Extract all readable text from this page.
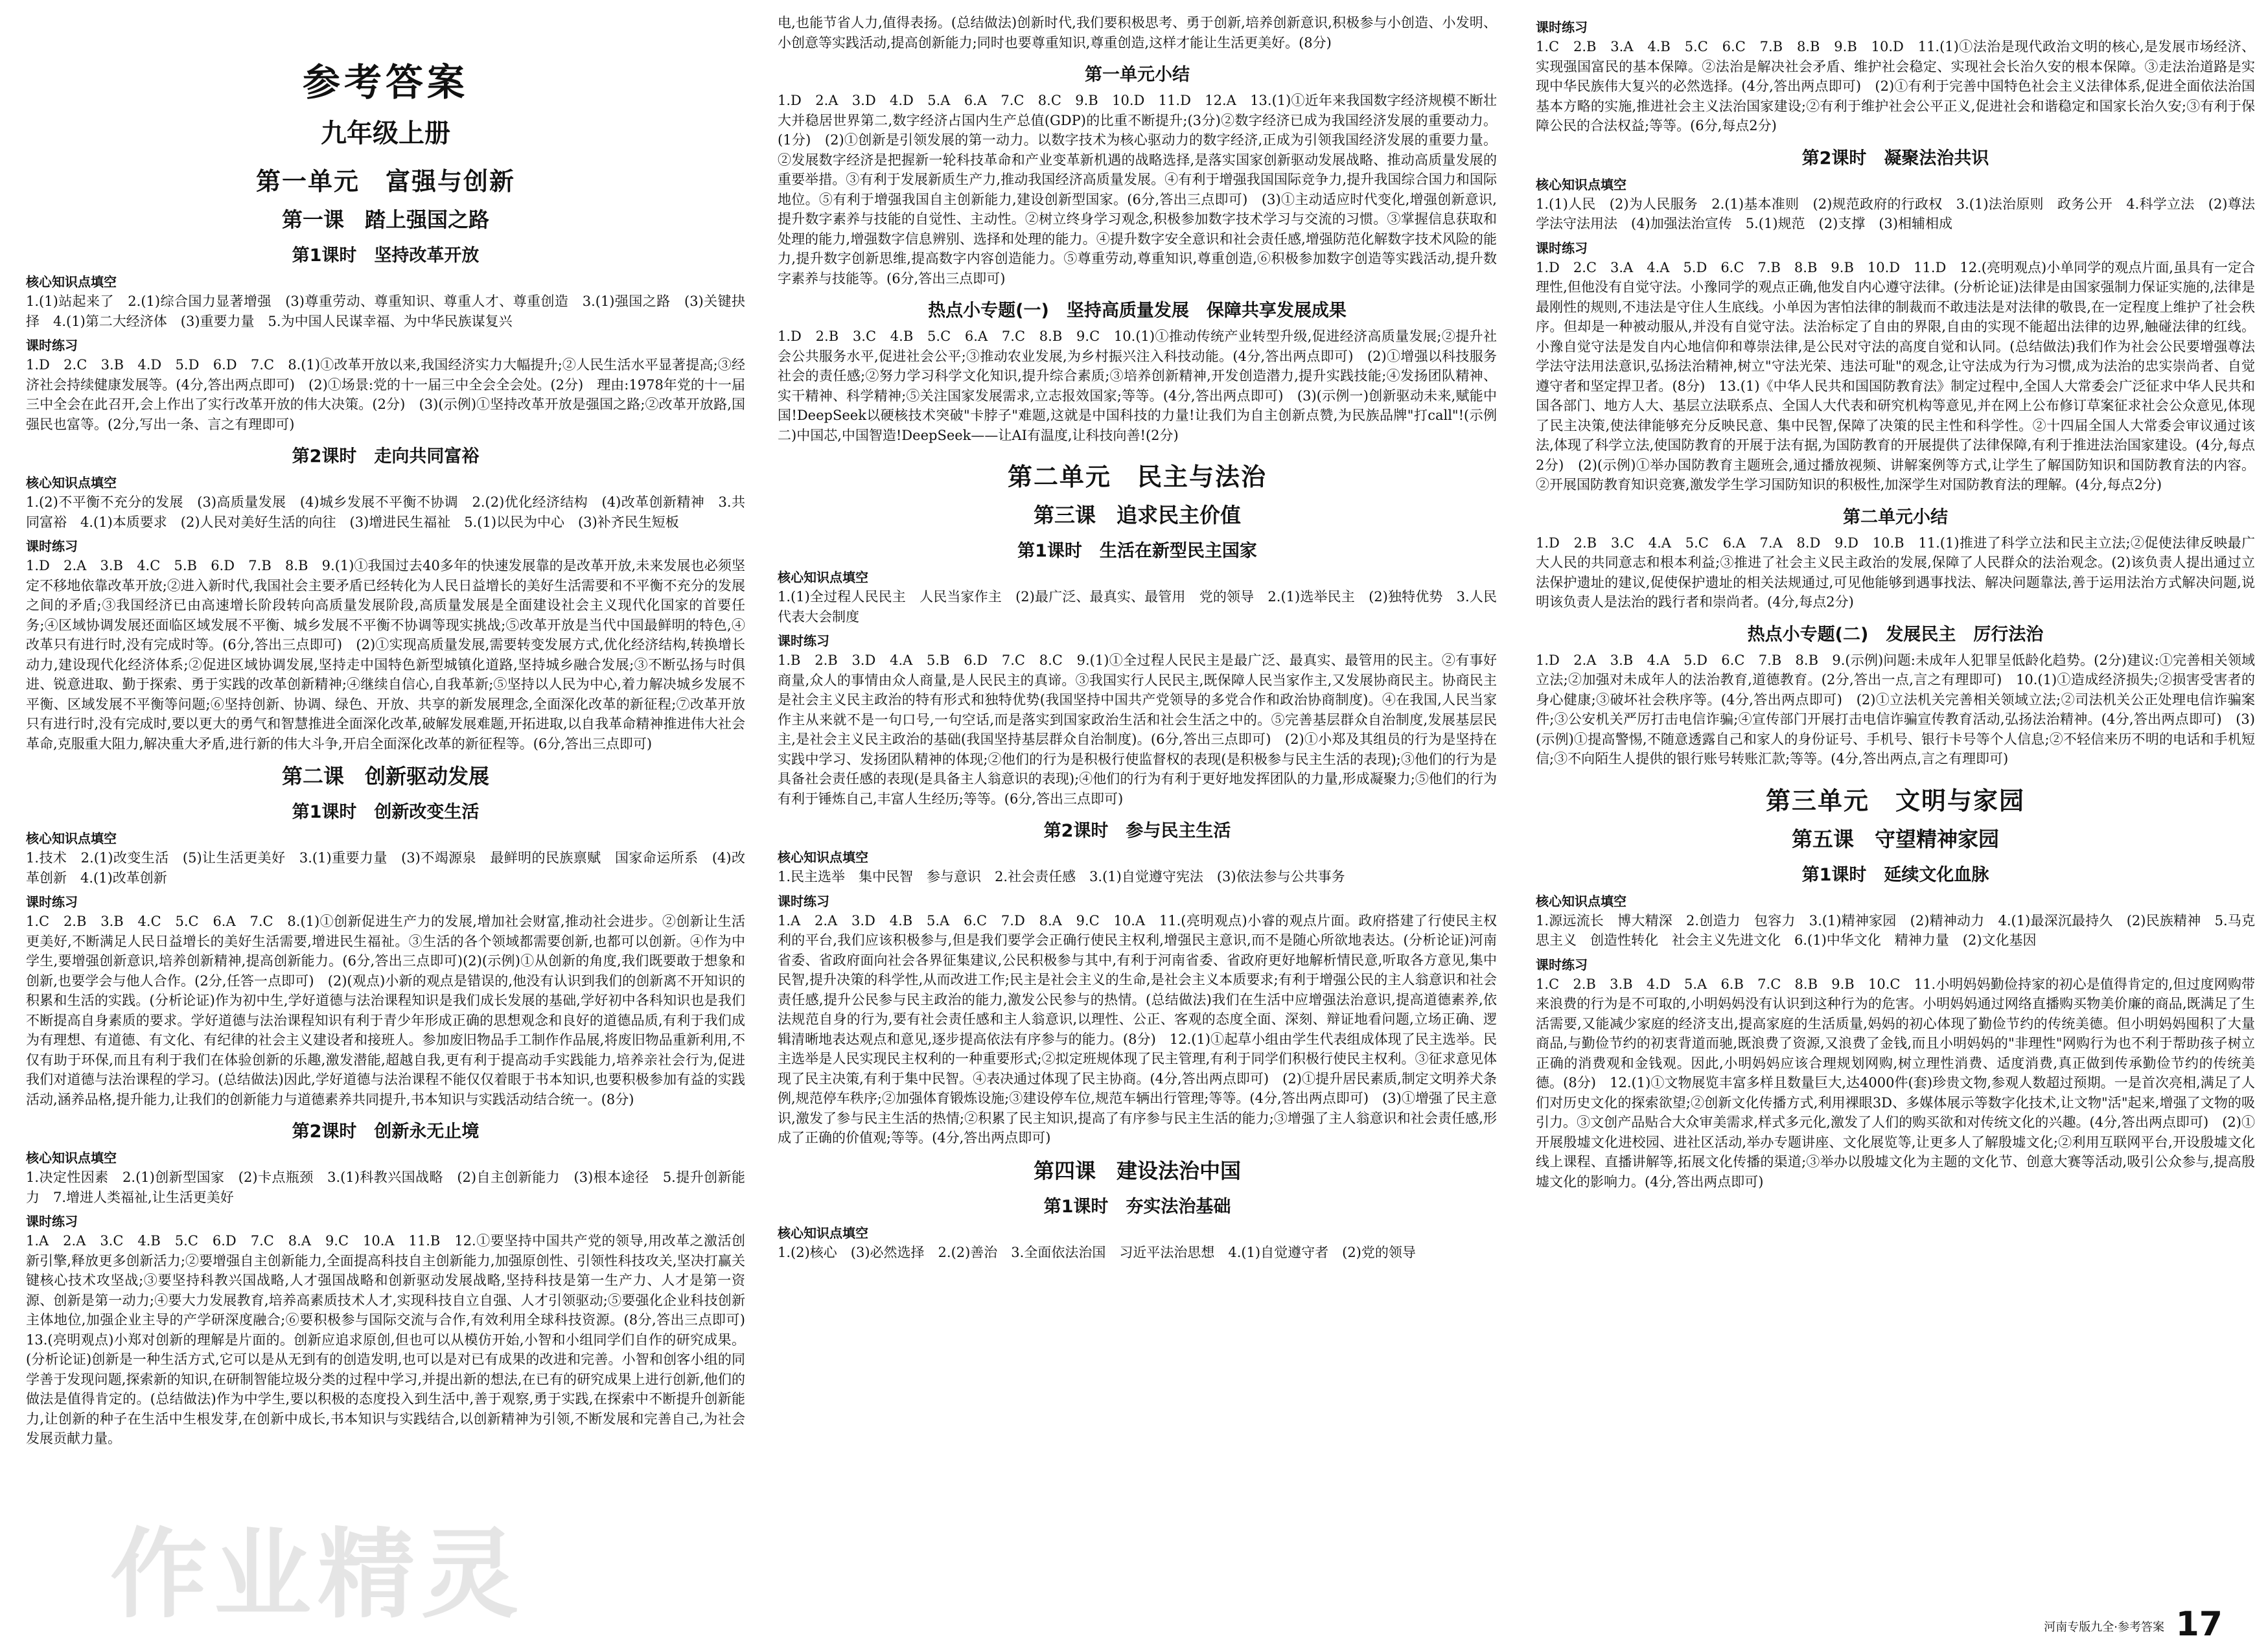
参考答案
九年级上册
第一单元　富强与创新
第一课　踏上强国之路
第1课时　坚持改革开放
核心知识点填空
1.(1)站起来了　2.(1)综合国力显著增强　(3)尊重劳动、尊重知识、尊重人才、尊重创造　3.(1)强国之路　(3)关键抉择　4.(1)第二大经济体　(3)重要力量　5.为中国人民谋幸福、为中华民族谋复兴
课时练习
1.D　2.C　3.B　4.D　5.D　6.D　7.C　8.(1)①改革开放以来,我国经济实力大幅提升;②人民生活水平显著提高;③经济社会持续健康发展等。(4分,答出两点即可)　(2)①场景:党的十一届三中全会全会处。(2分)　理由:1978年党的十一届三中全会在此召开,会上作出了实行改革开放的伟大决策。(2分)　(3)(示例)①坚持改革开放是强国之路;②改革开放路,国强民也富等。(2分,写出一条、言之有理即可)
第2课时　走向共同富裕
核心知识点填空
1.(2)不平衡不充分的发展　(3)高质量发展　(4)城乡发展不平衡不协调　2.(2)优化经济结构　(4)改革创新精神　3.共同富裕　4.(1)本质要求　(2)人民对美好生活的向往　(3)增进民生福祉　5.(1)以民为中心　(3)补齐民生短板
课时练习
1.D　2.A　3.B　4.C　5.B　6.D　7.B　8.B　9.(1)①我国过去40多年的快速发展靠的是改革开放,未来发展也必须坚定不移地依靠改革开放;②进入新时代,我国社会主要矛盾已经转化为人民日益增长的美好生活需要和不平衡不充分的发展之间的矛盾;③我国经济已由高速增长阶段转向高质量发展阶段,高质量发展是全面建设社会主义现代化国家的首要任务;④区域协调发展还面临区域发展不平衡、城乡发展不平衡不协调等现实挑战;⑤改革开放是当代中国最鲜明的特色,④改革只有进行时,没有完成时等。(6分,答出三点即可)　(2)①实现高质量发展,需要转变发展方式,优化经济结构,转换增长动力,建设现代化经济体系;②促进区域协调发展,坚持走中国特色新型城镇化道路,坚持城乡融合发展;③不断弘扬与时俱进、锐意进取、勤于探索、勇于实践的改革创新精神;④继续自信心,自我革新;⑤坚持以人民为中心,着力解决城乡发展不平衡、区域发展不平衡等问题;⑥坚持创新、协调、绿色、开放、共享的新发展理念,全面深化改革的新征程;⑦改革开放只有进行时,没有完成时,要以更大的勇气和智慧推进全面深化改革,破解发展难题,开拓进取,以自我革命精神推进伟大社会革命,克服重大阻力,解决重大矛盾,进行新的伟大斗争,开启全面深化改革的新征程等。(6分,答出三点即可)
第二课　创新驱动发展
第1课时　创新改变生活
核心知识点填空
1.技术　2.(1)改变生活　(5)让生活更美好　3.(1)重要力量　(3)不竭源泉　最鲜明的民族禀赋　国家命运所系　(4)改革创新　4.(1)改革创新
课时练习
1.C　2.B　3.B　4.C　5.C　6.A　7.C　8.(1)①创新促进生产力的发展,增加社会财富,推动社会进步。②创新让生活更美好,不断满足人民日益增长的美好生活需要,增进民生福祉。③生活的各个领域都需要创新,也都可以创新。④作为中学生,要增强创新意识,培养创新精神,提高创新能力。(6分,答出三点即可)(2)(示例)①从创新的角度,我们既要敢于想象和创新,也要学会与他人合作。(2分,任答一点即可)　(2)(观点)小新的观点是错误的,他没有认识到我们的创新离不开知识的积累和生活的实践。(分析论证)作为初中生,学好道德与法治课程知识是我们成长发展的基础,学好初中各科知识也是我们不断提高自身素质的要求。学好道德与法治课程知识有利于青少年形成正确的思想观念和良好的道德品质,有利于我们成为有理想、有道德、有文化、有纪律的社会主义建设者和接班人。参加废旧物品手工制作作品展,将废旧物品重新利用,不仅有助于环保,而且有利于我们在体验创新的乐趣,激发潜能,超越自我,更有利于提高动手实践能力,培养亲社会行为,促进我们对道德与法治课程的学习。(总结做法)因此,学好道德与法治课程不能仅仅着眼于书本知识,也要积极参加有益的实践活动,涵养品格,提升能力,让我们的创新能力与道德素养共同提升,书本知识与实践活动结合统一。(8分)
第2课时　创新永无止境
核心知识点填空
1.决定性因素　2.(1)创新型国家　(2)卡点瓶颈　3.(1)科教兴国战略　(2)自主创新能力　(3)根本途径　5.提升创新能力　7.增进人类福祉,让生活更美好
课时练习
1.A　2.A　3.C　4.B　5.C　6.D　7.C　8.A　9.C　10.A　11.B　12.①要坚持中国共产党的领导,用改革之激活创新引擎,释放更多创新活力;②要增强自主创新能力,全面提高科技自主创新能力,加强原创性、引领性科技攻关,坚决打赢关键核心技术攻坚战;③要坚持科教兴国战略,人才强国战略和创新驱动发展战略,坚持科技是第一生产力、人才是第一资源、创新是第一动力;④要大力发展教育,培养高素质技术人才,实现科技自立自强、人才引领驱动;⑤要强化企业科技创新主体地位,加强企业主导的产学研深度融合;⑥要积极参与国际交流与合作,有效利用全球科技资源。(8分,答出三点即可)　13.(亮明观点)小郑对创新的理解是片面的。创新应追求原创,但也可以从模仿开始,小智和小组同学们自作的研究成果。(分析论证)创新是一种生活方式,它可以是从无到有的创造发明,也可以是对已有成果的改进和完善。小智和创客小组的同学善于发现问题,探索新的知识,在研制智能垃圾分类的过程中学习,并提出新的想法,在已有的研究成果上进行创新,他们的做法是值得肯定的。(总结做法)作为中学生,要以积极的态度投入到生活中,善于观察,勇于实践,在探索中不断提升创新能力,让创新的种子在生活中生根发芽,在创新中成长,书本知识与实践结合,以创新精神为引领,不断发展和完善自己,为社会发展贡献力量。
电,也能节省人力,值得表扬。(总结做法)创新时代,我们要积极思考、勇于创新,培养创新意识,积极参与小创造、小发明、小创意等实践活动,提高创新能力;同时也要尊重知识,尊重创造,这样才能让生活更美好。(8分)
第一单元小结
1.D　2.A　3.D　4.D　5.A　6.A　7.C　8.C　9.B　10.D　11.D　12.A　13.(1)①近年来我国数字经济规模不断壮大并稳居世界第二,数字经济占国内生产总值(GDP)的比重不断提升;(3分)②数字经济已成为我国经济发展的重要动力。(1分)　(2)①创新是引领发展的第一动力。以数字技术为核心驱动力的数字经济,正成为引领我国经济发展的重要力量。②发展数字经济是把握新一轮科技革命和产业变革新机遇的战略选择,是落实国家创新驱动发展战略、推动高质量发展的重要举措。③有利于发展新质生产力,推动我国经济高质量发展。④有利于增强我国国际竞争力,提升我国综合国力和国际地位。⑤有利于增强我国自主创新能力,建设创新型国家。(6分,答出三点即可)　(3)①主动适应时代变化,增强创新意识,提升数字素养与技能的自觉性、主动性。②树立终身学习观念,积极参加数字技术学习与交流的习惯。③掌握信息获取和处理的能力,增强数字信息辨别、选择和处理的能力。④提升数字安全意识和社会责任感,增强防范化解数字技术风险的能力,提升数字创新思维,提高数字内容创造能力。⑤尊重劳动,尊重知识,尊重创造,⑥积极参加数字创造等实践活动,提升数字素养与技能等。(6分,答出三点即可)
热点小专题(一)　坚持高质量发展　保障共享发展成果
1.D　2.B　3.C　4.B　5.C　6.A　7.C　8.B　9.C　10.(1)①推动传统产业转型升级,促进经济高质量发展;②提升社会公共服务水平,促进社会公平;③推动农业发展,为乡村振兴注入科技动能。(4分,答出两点即可)　(2)①增强以科技服务社会的责任感;②努力学习科学文化知识,提升综合素质;③培养创新精神,开发创造潜力,提升实践技能;④发扬团队精神、实干精神、科学精神;⑤关注国家发展需求,立志报效国家;等等。(4分,答出两点即可)　(3)(示例一)创新驱动未来,赋能中国!DeepSeek以硬核技术突破"卡脖子"难题,这就是中国科技的力量!让我们为自主创新点赞,为民族品牌"打call"!(示例二)中国芯,中国智造!DeepSeek——让AI有温度,让科技向善!(2分)
第二单元　民主与法治
第三课　追求民主价值
第1课时　生活在新型民主国家
核心知识点填空
1.(1)全过程人民民主　人民当家作主　(2)最广泛、最真实、最管用　党的领导　2.(1)选举民主　(2)独特优势　3.人民代表大会制度
课时练习
1.B　2.B　3.D　4.A　5.B　6.D　7.C　8.C　9.(1)①全过程人民民主是最广泛、最真实、最管用的民主。②有事好商量,众人的事情由众人商量,是人民民主的真谛。③我国实行人民民主,既保障人民当家作主,又发展协商民主。协商民主是社会主义民主政治的特有形式和独特优势(我国坚持中国共产党领导的多党合作和政治协商制度)。④在我国,人民当家作主从来就不是一句口号,一句空话,而是落实到国家政治生活和社会生活之中的。⑤完善基层群众自治制度,发展基层民主,是社会主义民主政治的基础(我国坚持基层群众自治制度)。(6分,答出三点即可)　(2)①小郑及其组员的行为是坚持在实践中学习、发扬团队精神的体现;②他们的行为是积极行使监督权的表现(是积极参与民主生活的表现);③他们的行为是具备社会责任感的表现(是具备主人翁意识的表现);④他们的行为有利于更好地发挥团队的力量,形成凝聚力;⑤他们的行为有利于锤炼自己,丰富人生经历;等等。(6分,答出三点即可)
第2课时　参与民主生活
核心知识点填空
1.民主选举　集中民智　参与意识　2.社会责任感　3.(1)自觉遵守宪法　(3)依法参与公共事务
课时练习
1.A　2.A　3.D　4.B　5.A　6.C　7.D　8.A　9.C　10.A　11.(亮明观点)小睿的观点片面。政府搭建了行使民主权利的平台,我们应该积极参与,但是我们要学会正确行使民主权利,增强民主意识,而不是随心所欲地表达。(分析论证)河南省委、省政府面向社会各界征集建议,公民积极参与其中,有利于河南省委、省政府更好地解析情民意,听取各方意见,集中民智,提升决策的科学性,从而改进工作;民主是社会主义的生命,是社会主义本质要求;有利于增强公民的主人翁意识和社会责任感,提升公民参与民主政治的能力,激发公民参与的热情。(总结做法)我们在生活中应增强法治意识,提高道德素养,依法规范自身的行为,要有社会责任感和主人翁意识,以理性、公正、客观的态度全面、深刻、辩证地看问题,立场正确、逻辑清晰地表达观点和意见,逐步提高依法有序参与的能力。(8分)　12.(1)①起草小组由学生代表组成体现了民主选举。民主选举是人民实现民主权利的一种重要形式;②拟定班规体现了民主管理,有利于同学们积极行使民主权利。③征求意见体现了民主决策,有利于集中民智。④表决通过体现了民主协商。(4分,答出两点即可)　(2)①提升居民素质,制定文明养犬条例,规范停车秩序;②加强体育锻炼设施;③建设停车位,规范车辆出行管理;等等。(4分,答出两点即可)　(3)①增强了民主意识,激发了参与民主生活的热情;②积累了民主知识,提高了有序参与民主生活的能力;③增强了主人翁意识和社会责任感,形成了正确的价值观;等等。(4分,答出两点即可)
第四课　建设法治中国
第1课时　夯实法治基础
核心知识点填空
1.(2)核心　(3)必然选择　2.(2)善治　3.全面依法治国　习近平法治思想　4.(1)自觉遵守者　(2)党的领导
课时练习
1.C　2.B　3.A　4.B　5.C　6.C　7.B　8.B　9.B　10.D　11.(1)①法治是现代政治文明的核心,是发展市场经济、实现强国富民的基本保障。②法治是解决社会矛盾、维护社会稳定、实现社会长治久安的根本保障。③走法治道路是实现中华民族伟大复兴的必然选择。(4分,答出两点即可)　(2)①有利于完善中国特色社会主义法律体系,促进全面依法治国基本方略的实施,推进社会主义法治国家建设;②有利于维护社会公平正义,促进社会和谐稳定和国家长治久安;③有利于保障公民的合法权益;等等。(6分,每点2分)
第2课时　凝聚法治共识
核心知识点填空
1.(1)人民　(2)为人民服务　2.(1)基本准则　(2)规范政府的行政权　3.(1)法治原则　政务公开　4.科学立法　(2)尊法学法守法用法　(4)加强法治宣传　5.(1)规范　(2)支撑　(3)相辅相成
课时练习
1.D　2.C　3.A　4.A　5.D　6.C　7.B　8.B　9.B　10.D　11.D　12.(亮明观点)小单同学的观点片面,虽具有一定合理性,但他没有自觉守法。小豫同学的观点正确,他发自内心遵守法律。(分析论证)法律是由国家强制力保证实施的,法律是最刚性的规则,不违法是守住人生底线。小单因为害怕法律的制裁而不敢违法是对法律的敬畏,在一定程度上维护了社会秩序。但却是一种被动服从,并没有自觉守法。法治标定了自由的界限,自由的实现不能超出法律的边界,触碰法律的红线。小豫自觉守法是发自内心地信仰和尊崇法律,是公民对守法的高度自觉和认同。(总结做法)我们作为社会公民要增强尊法学法守法用法意识,弘扬法治精神,树立"守法光荣、违法可耻"的观念,让守法成为行为习惯,成为法治的忠实崇尚者、自觉遵守者和坚定捍卫者。(8分)　13.(1)《中华人民共和国国防教育法》制定过程中,全国人大常委会广泛征求中华人民共和国各部门、地方人大、基层立法联系点、全国人大代表和研究机构等意见,并在网上公布修订草案征求社会公众意见,体现了民主决策,使法律能够充分反映民意、集中民智,保障了决策的民主性和科学性。②十四届全国人大常委会审议通过该法,体现了科学立法,使国防教育的开展于法有据,为国防教育的开展提供了法律保障,有利于推进法治国家建设。(4分,每点2分)　(2)(示例)①举办国防教育主题班会,通过播放视频、讲解案例等方式,让学生了解国防知识和国防教育法的内容。②开展国防教育知识竞赛,激发学生学习国防知识的积极性,加深学生对国防教育法的理解。(4分,每点2分)
第二单元小结
1.D　2.B　3.C　4.A　5.C　6.A　7.A　8.D　9.D　10.B　11.(1)推进了科学立法和民主立法;②促使法律反映最广大人民的共同意志和根本利益;③推进了社会主义民主政治的发展,保障了人民群众的法治观念。(2)该负责人提出通过立法保护遗址的建议,促使保护遗址的相关法规通过,可见他能够到遇事找法、解决问题靠法,善于运用法治方式解决问题,说明该负责人是法治的践行者和崇尚者。(4分,每点2分)
热点小专题(二)　发展民主　厉行法治
1.D　2.A　3.B　4.A　5.D　6.C　7.B　8.B　9.(示例)问题:未成年人犯罪呈低龄化趋势。(2分)建议:①完善相关领域立法;②加强对未成年人的法治教育,道德教育。(2分,答出一点,言之有理即可)　10.(1)①造成经济损失;②损害受害者的身心健康;③破坏社会秩序等。(4分,答出两点即可)　(2)①立法机关完善相关领域立法;②司法机关公正处理电信诈骗案件;③公安机关严厉打击电信诈骗;④宣传部门开展打击电信诈骗宣传教育活动,弘扬法治精神。(4分,答出两点即可)　(3)(示例)①提高警惕,不随意透露自己和家人的身份证号、手机号、银行卡号等个人信息;②不轻信来历不明的电话和手机短信;③不向陌生人提供的银行账号转账汇款;等等。(4分,答出两点,言之有理即可)
第三单元　文明与家园
第五课　守望精神家园
第1课时　延续文化血脉
核心知识点填空
1.源远流长　博大精深　2.创造力　包容力　3.(1)精神家园　(2)精神动力　4.(1)最深沉最持久　(2)民族精神　5.马克思主义　创造性转化　社会主义先进文化　6.(1)中华文化　精神力量　(2)文化基因
课时练习
1.C　2.B　3.B　4.D　5.A　6.B　7.C　8.B　9.B　10.C　11.小明妈妈勤俭持家的初心是值得肯定的,但过度网购带来浪费的行为是不可取的,小明妈妈没有认识到这种行为的危害。小明妈妈通过网络直播购买物美价廉的商品,既满足了生活需要,又能减少家庭的经济支出,提高家庭的生活质量,妈妈的初心体现了勤俭节约的传统美德。但小明妈妈囤积了大量商品,与勤俭节约的初衷背道而驰,既浪费了资源,又浪费了金钱,而且小明妈妈的"非理性"网购行为也不利于帮助孩子树立正确的消费观和金钱观。因此,小明妈妈应该合理规划网购,树立理性消费、适度消费,真正做到传承勤俭节约的传统美德。(8分)　12.(1)①文物展览丰富多样且数量巨大,达4000件(套)珍贵文物,参观人数超过预期。一是首次亮相,满足了人们对历史文化的探索欲望;②创新文化传播方式,利用裸眼3D、多媒体展示等数字化技术,让文物"活"起来,增强了文物的吸引力。③文创产品贴合大众审美需求,样式多元化,激发了人们的购买欲和对传统文化的兴趣。(4分,答出两点即可)　(2)①开展殷墟文化进校园、进社区活动,举办专题讲座、文化展览等,让更多人了解殷墟文化;②利用互联网平台,开设殷墟文化线上课程、直播讲解等,拓展文化传播的渠道;③举办以殷墟文化为主题的文化节、创意大赛等活动,吸引公众参与,提高殷墟文化的影响力。(4分,答出两点即可)
作业精灵	河南专版九全·参考答案 17
